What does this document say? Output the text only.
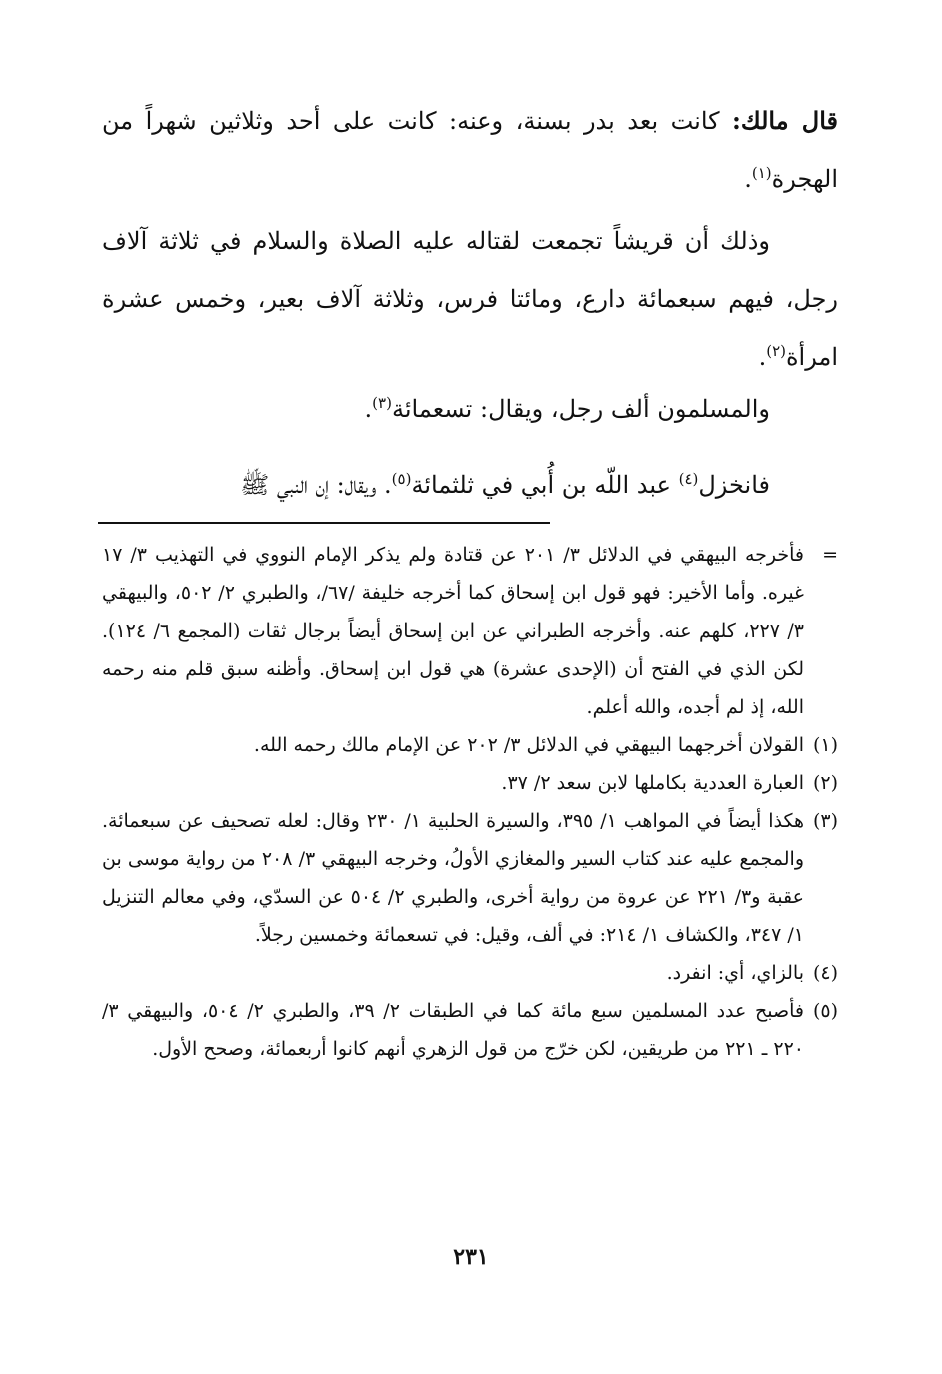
قال مالك: كانت بعد بدر بسنة، وعنه: كانت على أحد وثلاثين شهراً من الهجرة$^{(١)}$.

وذلك أن قريشاً تجمعت لقتاله عليه الصلاة والسلام في ثلاثة آلاف رجل، فيهم سبعمائة دارع، ومائتا فرس، وثلاثة آلاف بعير، وخمس عشرة امرأة$^{(٢)}$.

والمسلمون ألف رجل، ويقال: تسعمائة$^{(٣)}$.

فانخزل$^{(٤)}$ عبد اللّه بن أُبي في ثلثمائة$^{(٥)}$. ويقال: إن النبي ﷺ

=
فأخرجه البيهقي في الدلائل ٣/ ٢٠١ عن قتادة ولم يذكر الإمام النووي في التهذيب ٣/ ١٧ غيره. وأما الأخير: فهو قول ابن إسحاق كما أخرجه خليفة /٦٧/، والطبري ٢/ ٥٠٢، والبيهقي ٣/ ٢٢٧، كلهم عنه. وأخرجه الطبراني عن ابن إسحاق أيضاً برجال ثقات (المجمع ٦/ ١٢٤). لكن الذي في الفتح أن (الإحدى عشرة) هي قول ابن إسحاق. وأظنه سبق قلم منه رحمه الله، إذ لم أجده، والله أعلم.

(١)
القولان أخرجهما البيهقي في الدلائل ٣/ ٢٠٢ عن الإمام مالك رحمه الله.

(٢)
العبارة العددية بكاملها لابن سعد ٢/ ٣٧.

(٣)
هكذا أيضاً في المواهب ١/ ٣٩٥، والسيرة الحلبية ١/ ٢٣٠ وقال: لعله تصحيف عن سبعمائة. والمجمع عليه عند كتاب السير والمغازي الأولُ، وخرجه البيهقي ٣/ ٢٠٨ من رواية موسى بن عقبة و٣/ ٢٢١ عن عروة من رواية أخرى، والطبري ٢/ ٥٠٤ عن السدّي، وفي معالم التنزيل ١/ ٣٤٧، والكشاف ١/ ٢١٤: في ألف، وقيل: في تسعمائة وخمسين رجلاً.

(٤)
بالزاي، أي: انفرد.

(٥)
فأصبح عدد المسلمين سبع مائة كما في الطبقات ٢/ ٣٩، والطبري ٢/ ٥٠٤، والبيهقي ٣/ ٢٢٠ ـ ٢٢١ من طريقين، لكن خرّج من قول الزهري أنهم كانوا أربعمائة، وصحح الأول.

٢٣١
